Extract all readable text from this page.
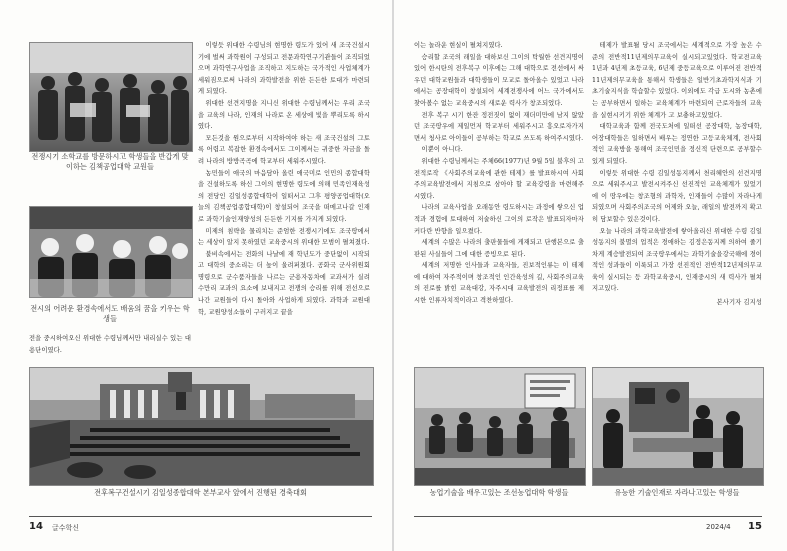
전쟁시기 소학교를 방문하시고 학생들을 반갑게 맞이하는 김책공업대학 교원들
전시의 어려운 환경속에서도 배움의 꿈을 키우는 학생들

전을 중시하여오신 위대한 수령님께서만 내리실수 있는 대용단이였다.

이렇듯 위대한 수령님의 현명한 령도가 있어 새 조국건설시기에 벌써 과학원이 구성되고 전문과학연구기관들이 조직되었으며 과학연구사업을 조직하고 지도하는 국가적인 사업체계가 세워짐으로써 나라의 과학발전을 위한 든든한 토대가 마련되게 되였다.

위대한 선견지명을 지니신 위대한 수령님께서는 우리 조국을 교육의 나라, 인재의 나라로 온 세상에 빛을 뿌리도록 하시였다.

모든것을 원으로부터 시작하여야 하는 새 조국건설의 그토록 어렵고 복잡한 환경속에서도 그이께서는 귀중한 자금을 돌려 나라의 방방곡곡에 학교부터 세워주시였다.

농민들이 애국의 마음담아 올린 애국미로 인민의 종합대학을 건설하도록 하신 그이의 현명한 령도에 의해 민족인재육성의 전당인 김일성종합대학이 일떠서고 그후 평양공업대학(오늘의 김책공업종합대학)이 창설되어 조국을 떠메고나갈 인재로 과학기술인재양성의 든든한 기지를 가지게 되였다.

미제의 침략을 물리치는 준엄한 전쟁시기에도 조국땅에서는 세상이 알지 못하였던 교육중시의 위대한 모범이 펼쳐졌다.

불비속에서는 전화의 나날에 재 학년도가 중단없이 시작되고 대학의 중소리는 더 높이 울려퍼졌다. 공화국 군사위원회 명령으로 군수품자들을 나르는 군용자동차에 교과서가 실려 수만리 교과의 요소에 보내지고 전쟁의 승리를 위해 전선으로 나간 교원들이 다시 돌아와 사업하게 되였다. 과학과 교원대학, 교원양성소들이 구러지고 끝을

전후복구건설시기 김일성종합대학 본부교사 앞에서 진행된 경축대회
14 글수학신

이는 놀라운 현실이 펼쳐지였다.

승리할 조국의 래일을 대하보신 그이의 탁월한 선견지명이 있어 한시탄의 전후복구 이후에는 그해 대학으로 전선에서 싸우던 대학교원들과 대학생들이 모교로 돌아올수 있었고 나라에서는 공장대학이 창설되어 세계전쟁사에 어느 국가에서도 찾아볼수 없는 교육중시의 새로운 력사가 창조되었다.

전후 복구 시기 한잔 정전짓이 없이 재더미만에 남지 않았던 조국땅우에 제일먼저 학교부터 세워주시고 흥오로자가지면서 청사로 아이들이 공부하는 학교로 쓰도록 하여주시였다.

이뿐이 아니다.

위대한 수령님께서는 주체66(1977)년 9월 5일 불후의 고전적로작 《사회주의교육에 관한 테제》를 발표하시여 사회주의교육발전에서 지침으로 삼아야 할 교육강령을 마련해주시였다.

나라의 교육사업을 오래동안 령도하시는 과정에 쌓으신 업적과 경험에 토대하여 저술하신 그이의 로작은 발표되자마자 커다란 반향을 일으켰다.

세계의 수많은 나라의 출판물들에 게재되고 단행본으로 출판된 사실들이 그에 대한 증빙으로 된다.

세계의 저명한 인사들과 교육자들, 진보적인류는 이 테제에 대하여 자주적이며 창조적인 인간육성의 길, 사회주의교육의 진로를 밝힌 교육대강, 자주시대 교육발전의 리정표를 제시한 인류자치적이라고 격찬하였다.

테제가 발표될 당시 조국에서는 세계적으로 가장 높은 수준의 전반적11년제의무교육이 실시되고있었다. 학교전교육 1년과 4년제 초등교육, 6년제 중등교육으로 이루어진 전반적11년제의무교육을 통해서 학생들은 일반기초과학지식과 기초기술지식을 학습할수 있었다. 이외에도 각급 도시와 농촌에는 공부하면서 일하는 교육체계가 마련되여 근로자들의 교육을 실현시키기 위한 체계가 고 보충하고있었다.

대학교육과 함께 전국도처에 일떠선 공장대학, 농장대학, 어장대학들은 일하면서 배우는 정연한 고등교육체계, 전사회적인 교육방을 통해여 조국인민을 정신적 단련으로 공부할수 있게 되였다.

이렇듯 위대한 수령 김일성동지께서 천리혜안의 선견지명으로 세워주시고 발전시켜주신 선진적인 교육체계가 있었기에 이 땅우에는 창조형의 과학자, 인재들이 수많이 자라나게 되였으며 사회주의조국의 어제와 오늘, 래일의 발전까지 확고히 담보할수 있은것이다.

오늘 나라의 과학교육발전에 쌓아올리신 위대한 수령 김일성동지의 불멸의 업적은 경애하는 김정은동지께 의하여 줄기차게 계승발전되여 조국땅우에서는 과학기술을강국해에 경이적인 성과들이 이룩되고 가장 선진적인 전반적12년제의무교육이 실시되는 등 과학교육중시, 인재중시의 새 력사가 펼쳐지고있다.

본사기자 김지성

농업기술을 배우고있는 조선농업대학 학생들	유능한 기술인재로 자라나고있는 학생들
2024/4 15
